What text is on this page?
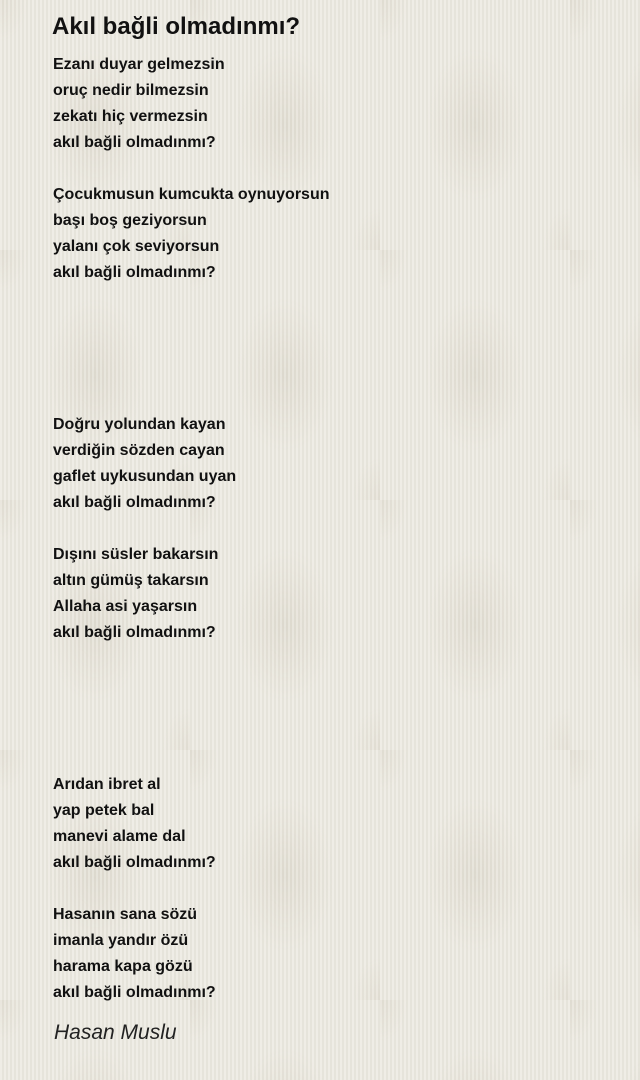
Akıl bağli olmadınmı?
Ezanı duyar gelmezsin
oruç nedir bilmezsin
zekatı hiç vermezsin
akıl bağli olmadınmı?
Çocukmusun kumcukta oynuyorsun
başı boş geziyorsun
yalanı çok seviyorsun
akıl bağli olmadınmı?
Doğru yolundan kayan
verdiğin sözden cayan
gaflet uykusundan uyan
akıl bağli olmadınmı?
Dışını süsler bakarsın
altın gümüş takarsın
Allaha asi yaşarsın
akıl bağli olmadınmı?
Arıdan ibret al
yap petek bal
manevi alame dal
akıl bağli olmadınmı?
Hasanın sana sözü
imanla yandır özü
harama kapa gözü
akıl bağli olmadınmı?
Hasan Muslu
